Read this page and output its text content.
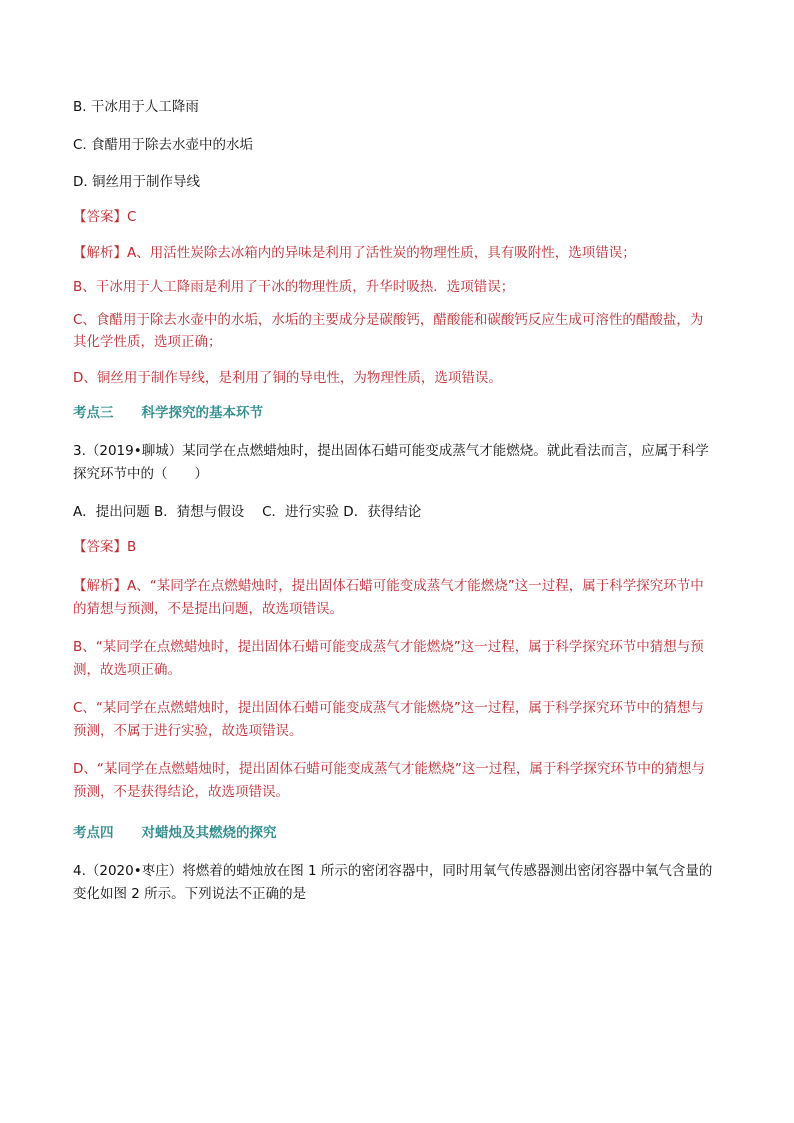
B. 干冰用于人工降雨
C. 食醋用于除去水壶中的水垢
D. 铜丝用于制作导线
【答案】C
【解析】A、用活性炭除去冰箱内的异味是利用了活性炭的物理性质，具有吸附性，选项错误；
B、干冰用于人工降雨是利用了干冰的物理性质，升华时吸热．选项错误；
C、食醋用于除去水壶中的水垢，水垢的主要成分是碳酸钙，醋酸能和碳酸钙反应生成可溶性的醋酸盐，为
其化学性质，选项正确；
D、铜丝用于制作导线，是利用了铜的导电性，为物理性质，选项错误。
考点三 科学探究的基本环节
3.（2019•聊城）某同学在点燃蜡烛时，提出固体石蜡可能变成蒸气才能燃烧。就此看法而言，应属于科学
探究环节中的（　　）
A．提出问题 B．猜想与假设　 C．进行实验 D．获得结论
【答案】B
【解析】A、“某同学在点燃蜡烛时，提出固体石蜡可能变成蒸气才能燃烧”这一过程，属于科学探究环节中
的猜想与预测，不是提出问题，故选项错误。
B、“某同学在点燃蜡烛时，提出固体石蜡可能变成蒸气才能燃烧”这一过程，属于科学探究环节中猜想与预
测，故选项正确。
C、“某同学在点燃蜡烛时，提出固体石蜡可能变成蒸气才能燃烧”这一过程，属于科学探究环节中的猜想与
预测，不属于进行实验，故选项错误。
D、“某同学在点燃蜡烛时，提出固体石蜡可能变成蒸气才能燃烧”这一过程，属于科学探究环节中的猜想与
预测，不是获得结论，故选项错误。
考点四 对蜡烛及其燃烧的探究
4.（2020•枣庄）将燃着的蜡烛放在图 1 所示的密闭容器中，同时用氧气传感器测出密闭容器中氧气含量的
变化如图 2 所示。下列说法不正确的是
